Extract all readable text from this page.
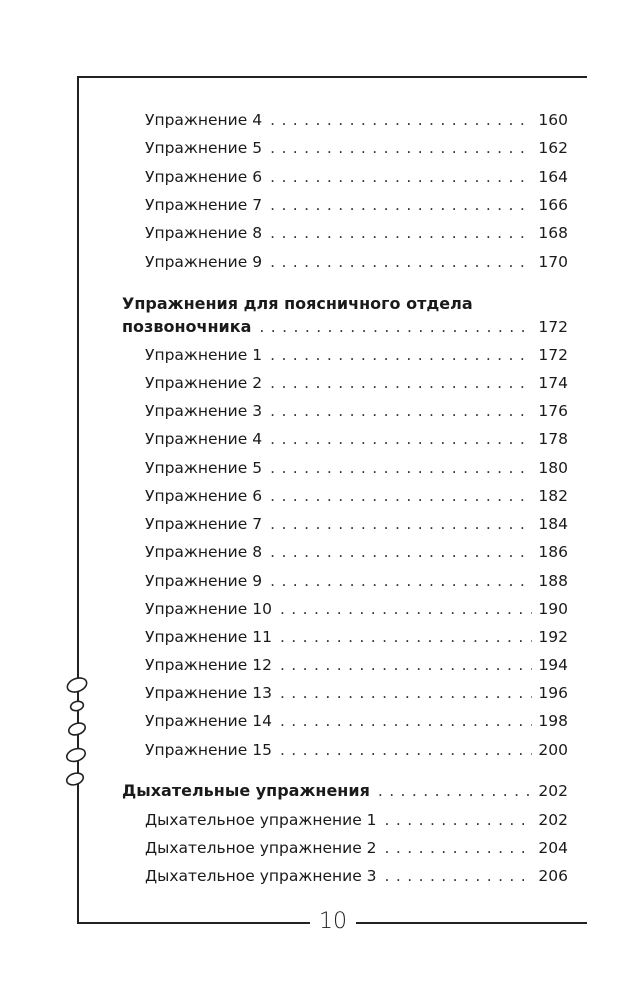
10
Упражнение 4 . . .	160
Упражнение 5 . . .	162
Упражнение 6 . . .	164
Упражнение 7 . . .	166
Упражнение 8 . . .	168
Упражнение 9 . . .	170
Упражнения для поясничного отдела
позвоночника . . .	172
Упражнение 1 . . .	172
Упражнение 2 . . .	174
Упражнение 3 . . .	176
Упражнение 4 . . .	178
Упражнение 5 . . .	180
Упражнение 6 . . .	182
Упражнение 7 . . .	184
Упражнение 8 . . .	186
Упражнение 9 . . .	188
Упражнение 10 . . .	190
Упражнение 11 . . .	192
Упражнение 12 . . .	194
Упражнение 13 . . .	196
Упражнение 14 . . .	198
Упражнение 15 . . .	200
Дыхательные упражнения . . .	202
Дыхательное упражнение 1 . . .	202
Дыхательное упражнение 2 . . .	204
Дыхательное упражнение 3 . . .	206
